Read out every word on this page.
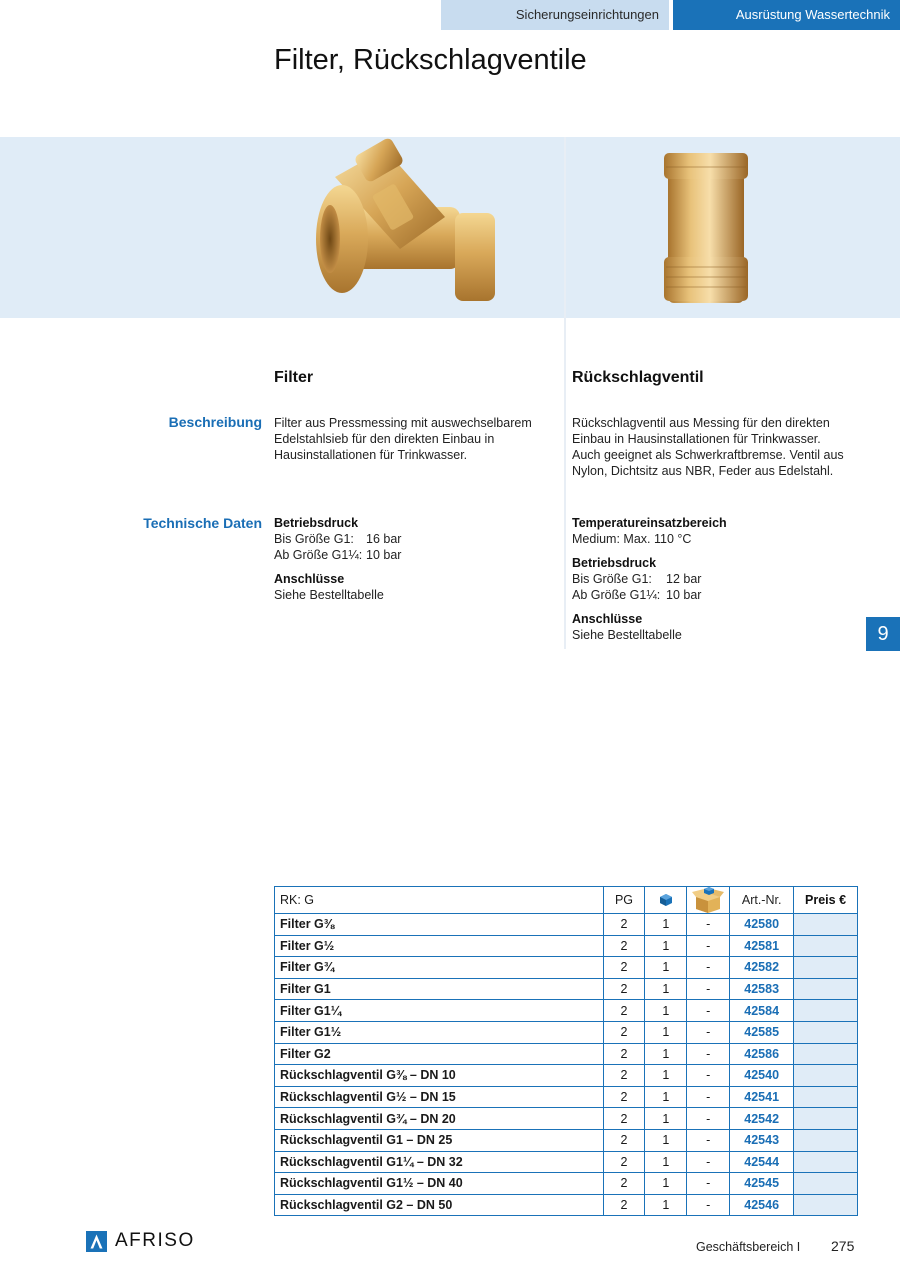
Sicherungseinrichtungen	Ausrüstung Wassertechnik
Filter, Rückschlagventile
Filter	Rückschlagventil
Beschreibung Filter aus Pressmessing mit auswechselbarem
Edelstahlsieb für den direkten Einbau in
Hausinstallationen für Trinkwasser.
Rückschlagventil aus Messing für den direkten
Einbau in Hausinstallationen für Trinkwasser.
Auch geeignet als Schwerkraftbremse. Ventil aus
Nylon, Dichtsitz aus NBR, Feder aus Edelstahl.
Technische Daten Betriebsdruck
Bis Größe G1: 16 bar
Ab Größe G1¼: 10 bar
Anschlüsse
Siehe Bestelltabelle
Temperatureinsatzbereich
Medium: Max. 110 °C
Betriebsdruck
Bis Größe G1: 12 bar
Ab Größe G1¼: 10 bar
Anschlüsse
Siehe Bestelltabelle	9
RK: G	PG			Art.-Nr.	Preis €
Filter G⅜	2	1	-	42580	
Filter G½	2	1	-	42581	
Filter G¾	2	1	-	42582	
Filter G1	2	1	-	42583	
Filter G1¼	2	1	-	42584	
Filter G1½	2	1	-	42585	
Filter G2	2	1	-	42586	
Rückschlagventil G⅜ – DN 10	2	1	-	42540	
Rückschlagventil G½ – DN 15	2	1	-	42541	
Rückschlagventil G¾ – DN 20	2	1	-	42542	
Rückschlagventil G1 – DN 25	2	1	-	42543	
Rückschlagventil G1¼ – DN 32	2	1	-	42544	
Rückschlagventil G1½ – DN 40	2	1	-	42545	
Rückschlagventil G2 – DN 50	2	1	-	42546	
AFRISO	Geschäftsbereich I 275
